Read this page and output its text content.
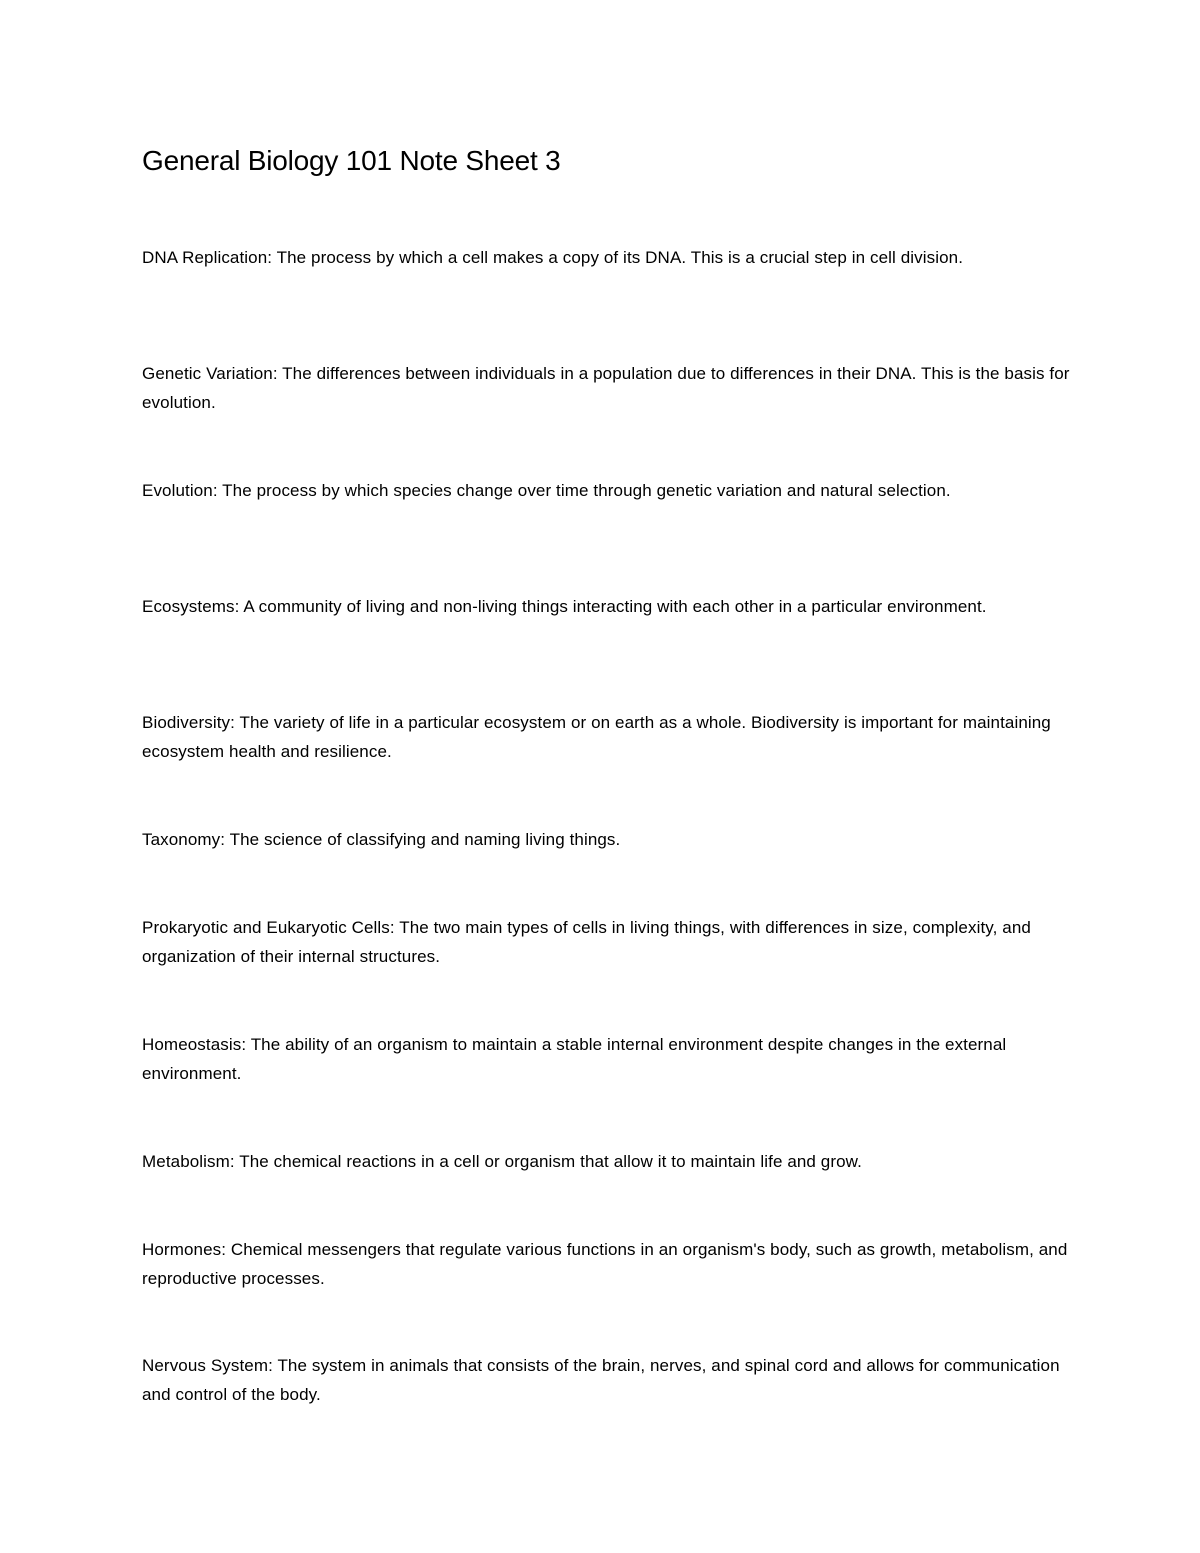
General Biology 101 Note Sheet 3

DNA Replication: The process by which a cell makes a copy of its DNA. This is a crucial step in cell division.

Genetic Variation: The differences between individuals in a population due to differences in their DNA. This is the basis for evolution.

Evolution: The process by which species change over time through genetic variation and natural selection.

Ecosystems: A community of living and non-living things interacting with each other in a particular environment.

Biodiversity: The variety of life in a particular ecosystem or on earth as a whole. Biodiversity is important for maintaining ecosystem health and resilience.

Taxonomy: The science of classifying and naming living things.

Prokaryotic and Eukaryotic Cells: The two main types of cells in living things, with differences in size, complexity, and organization of their internal structures.

Homeostasis: The ability of an organism to maintain a stable internal environment despite changes in the external environment.

Metabolism: The chemical reactions in a cell or organism that allow it to maintain life and grow.

Hormones: Chemical messengers that regulate various functions in an organism's body, such as growth, metabolism, and reproductive processes.

Nervous System: The system in animals that consists of the brain, nerves, and spinal cord and allows for communication and control of the body.
